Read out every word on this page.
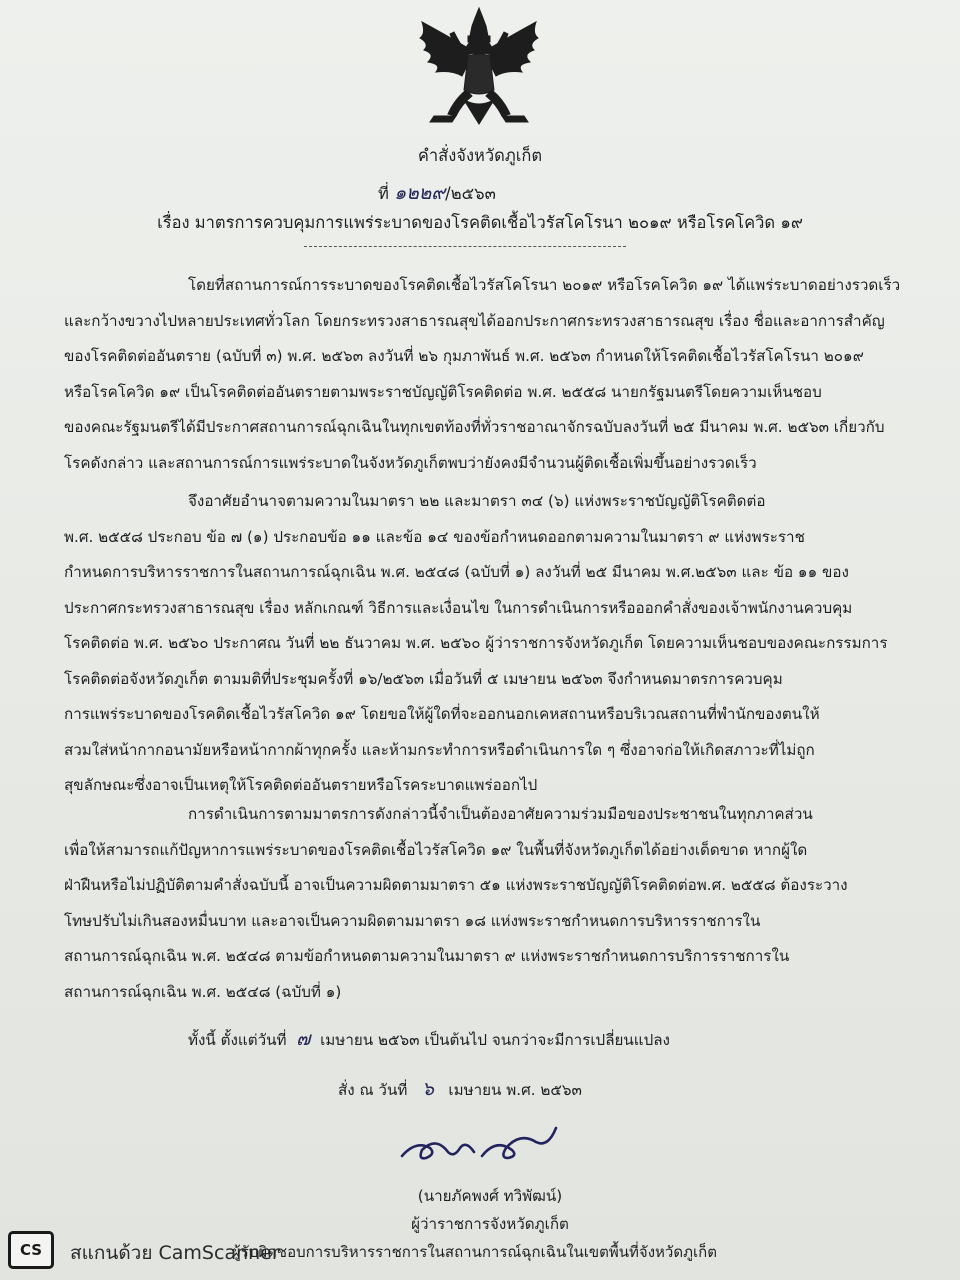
คำสั่งจังหวัดภูเก็ต
ที่ ๑๒๒๙/๒๕๖๓
เรื่อง มาตรการควบคุมการแพร่ระบาดของโรคติดเชื้อไวรัสโคโรนา ๒๐๑๙ หรือโรคโควิด ๑๙
โดยที่สถานการณ์การระบาดของโรคติดเชื้อไวรัสโคโรนา ๒๐๑๙ หรือโรคโควิด ๑๙ ได้แพร่ระบาดอย่างรวดเร็ว
และกว้างขวางไปหลายประเทศทั่วโลก โดยกระทรวงสาธารณสุขได้ออกประกาศกระทรวงสาธารณสุข เรื่อง ชื่อและอาการสำคัญ
ของโรคติดต่ออันตราย (ฉบับที่ ๓) พ.ศ. ๒๕๖๓ ลงวันที่ ๒๖ กุมภาพันธ์ พ.ศ. ๒๕๖๓ กำหนดให้โรคติดเชื้อไวรัสโคโรนา ๒๐๑๙
หรือโรคโควิด ๑๙ เป็นโรคติดต่ออันตรายตามพระราชบัญญัติโรคติดต่อ พ.ศ. ๒๕๕๘ นายกรัฐมนตรีโดยความเห็นชอบ
ของคณะรัฐมนตรีได้มีประกาศสถานการณ์ฉุกเฉินในทุกเขตท้องที่ทั่วราชอาณาจักรฉบับลงวันที่ ๒๕ มีนาคม พ.ศ. ๒๕๖๓ เกี่ยวกับ
โรคดังกล่าว และสถานการณ์การแพร่ระบาดในจังหวัดภูเก็ตพบว่ายังคงมีจำนวนผู้ติดเชื้อเพิ่มขึ้นอย่างรวดเร็ว
จึงอาศัยอำนาจตามความในมาตรา ๒๒ และมาตรา ๓๔ (๖) แห่งพระราชบัญญัติโรคติดต่อ
พ.ศ. ๒๕๕๘ ประกอบ ข้อ ๗ (๑) ประกอบข้อ ๑๑ และข้อ ๑๔ ของข้อกำหนดออกตามความในมาตรา ๙ แห่งพระราช
กำหนดการบริหารราชการในสถานการณ์ฉุกเฉิน พ.ศ. ๒๕๔๘ (ฉบับที่ ๑) ลงวันที่ ๒๕ มีนาคม พ.ศ.๒๕๖๓ และ ข้อ ๑๑ ของ
ประกาศกระทรวงสาธารณสุข เรื่อง หลักเกณฑ์ วิธีการและเงื่อนไข ในการดำเนินการหรือออกคำสั่งของเจ้าพนักงานควบคุม
โรคติดต่อ พ.ศ. ๒๕๖๐ ประกาศณ วันที่ ๒๒ ธันวาคม พ.ศ. ๒๕๖๐ ผู้ว่าราชการจังหวัดภูเก็ต โดยความเห็นชอบของคณะกรรมการ
โรคติดต่อจังหวัดภูเก็ต ตามมติที่ประชุมครั้งที่ ๑๖/๒๕๖๓ เมื่อวันที่ ๕ เมษายน ๒๕๖๓ จึงกำหนดมาตรการควบคุม
การแพร่ระบาดของโรคติดเชื้อไวรัสโควิด ๑๙ โดยขอให้ผู้ใดที่จะออกนอกเคหสถานหรือบริเวณสถานที่พำนักของตนให้
สวมใส่หน้ากากอนามัยหรือหน้ากากผ้าทุกครั้ง และห้ามกระทำการหรือดำเนินการใด ๆ ซึ่งอาจก่อให้เกิดสภาวะที่ไม่ถูก
สุขลักษณะซึ่งอาจเป็นเหตุให้โรคติดต่ออันตรายหรือโรคระบาดแพร่ออกไป
การดำเนินการตามมาตรการดังกล่าวนี้จำเป็นต้องอาศัยความร่วมมือของประชาชนในทุกภาคส่วน
เพื่อให้สามารถแก้ปัญหาการแพร่ระบาดของโรคติดเชื้อไวรัสโควิด ๑๙ ในพื้นที่จังหวัดภูเก็ตได้อย่างเด็ดขาด หากผู้ใด
ฝ่าฝืนหรือไม่ปฏิบัติตามคำสั่งฉบับนี้ อาจเป็นความผิดตามมาตรา ๕๑ แห่งพระราชบัญญัติโรคติดต่อพ.ศ. ๒๕๕๘ ต้องระวาง
โทษปรับไม่เกินสองหมื่นบาท และอาจเป็นความผิดตามมาตรา ๑๘ แห่งพระราชกำหนดการบริหารราชการใน
สถานการณ์ฉุกเฉิน พ.ศ. ๒๕๔๘ ตามข้อกำหนดตามความในมาตรา ๙ แห่งพระราชกำหนดการบริการราชการใน
สถานการณ์ฉุกเฉิน พ.ศ. ๒๕๔๘ (ฉบับที่ ๑)
ทั้งนี้ ตั้งแต่วันที่ ๗ เมษายน ๒๕๖๓ เป็นต้นไป จนกว่าจะมีการเปลี่ยนแปลง
สั่ง ณ วันที่ ๖ เมษายน พ.ศ. ๒๕๖๓
(นายภัคพงศ์ ทวิพัฒน์)
ผู้ว่าราชการจังหวัดภูเก็ต
ผู้รับผิดชอบการบริหารราชการในสถานการณ์ฉุกเฉินในเขตพื้นที่จังหวัดภูเก็ต
CS	สแกนด้วย CamScanner
